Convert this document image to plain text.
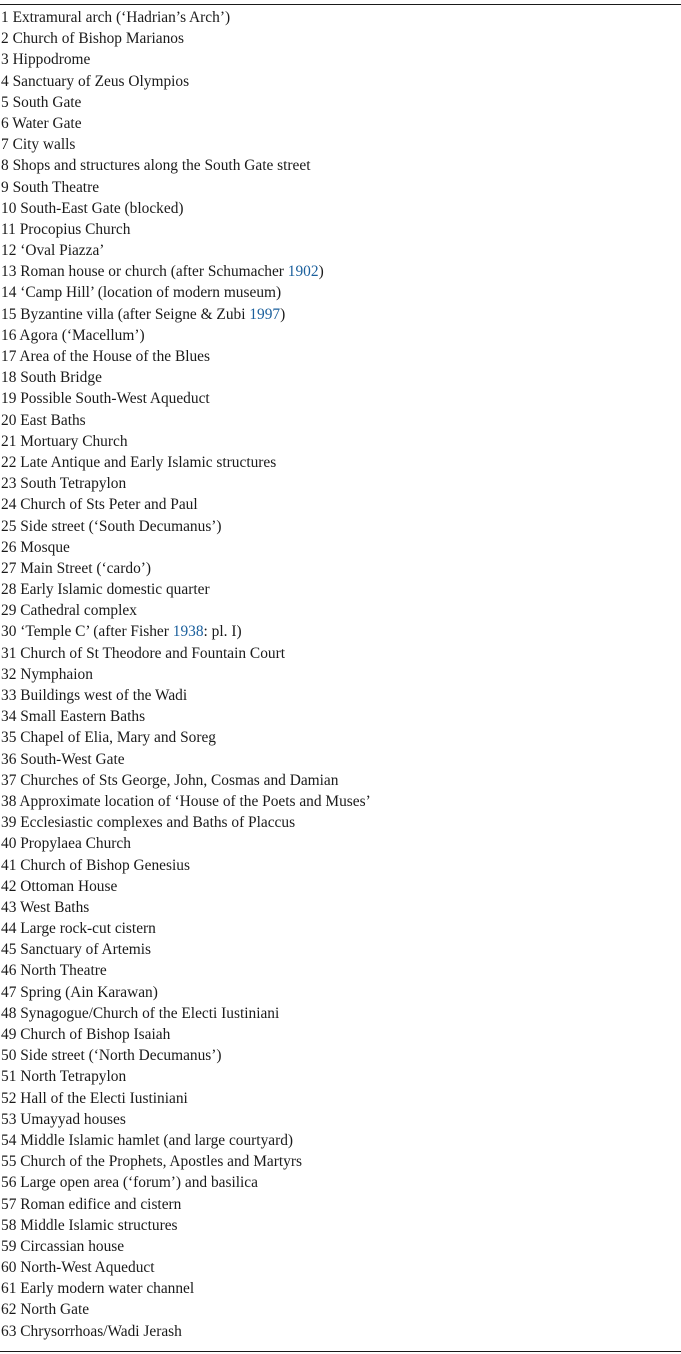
1 Extramural arch (‘Hadrian’s Arch’)
2 Church of Bishop Marianos
3 Hippodrome
4 Sanctuary of Zeus Olympios
5 South Gate
6 Water Gate
7 City walls
8 Shops and structures along the South Gate street
9 South Theatre
10 South-East Gate (blocked)
11 Procopius Church
12 ‘Oval Piazza’
13 Roman house or church (after Schumacher 1902)
14 ‘Camp Hill’ (location of modern museum)
15 Byzantine villa (after Seigne & Zubi 1997)
16 Agora (‘Macellum’)
17 Area of the House of the Blues
18 South Bridge
19 Possible South-West Aqueduct
20 East Baths
21 Mortuary Church
22 Late Antique and Early Islamic structures
23 South Tetrapylon
24 Church of Sts Peter and Paul
25 Side street (‘South Decumanus’)
26 Mosque
27 Main Street (‘cardo’)
28 Early Islamic domestic quarter
29 Cathedral complex
30 ‘Temple C’ (after Fisher 1938: pl. I)
31 Church of St Theodore and Fountain Court
32 Nymphaion
33 Buildings west of the Wadi
34 Small Eastern Baths
35 Chapel of Elia, Mary and Soreg
36 South-West Gate
37 Churches of Sts George, John, Cosmas and Damian
38 Approximate location of ‘House of the Poets and Muses’
39 Ecclesiastic complexes and Baths of Placcus
40 Propylaea Church
41 Church of Bishop Genesius
42 Ottoman House
43 West Baths
44 Large rock-cut cistern
45 Sanctuary of Artemis
46 North Theatre
47 Spring (Ain Karawan)
48 Synagogue/Church of the Electi Iustiniani
49 Church of Bishop Isaiah
50 Side street (‘North Decumanus’)
51 North Tetrapylon
52 Hall of the Electi Iustiniani
53 Umayyad houses
54 Middle Islamic hamlet (and large courtyard)
55 Church of the Prophets, Apostles and Martyrs
56 Large open area (‘forum’) and basilica
57 Roman edifice and cistern
58 Middle Islamic structures
59 Circassian house
60 North-West Aqueduct
61 Early modern water channel
62 North Gate
63 Chrysorrhoas/Wadi Jerash
